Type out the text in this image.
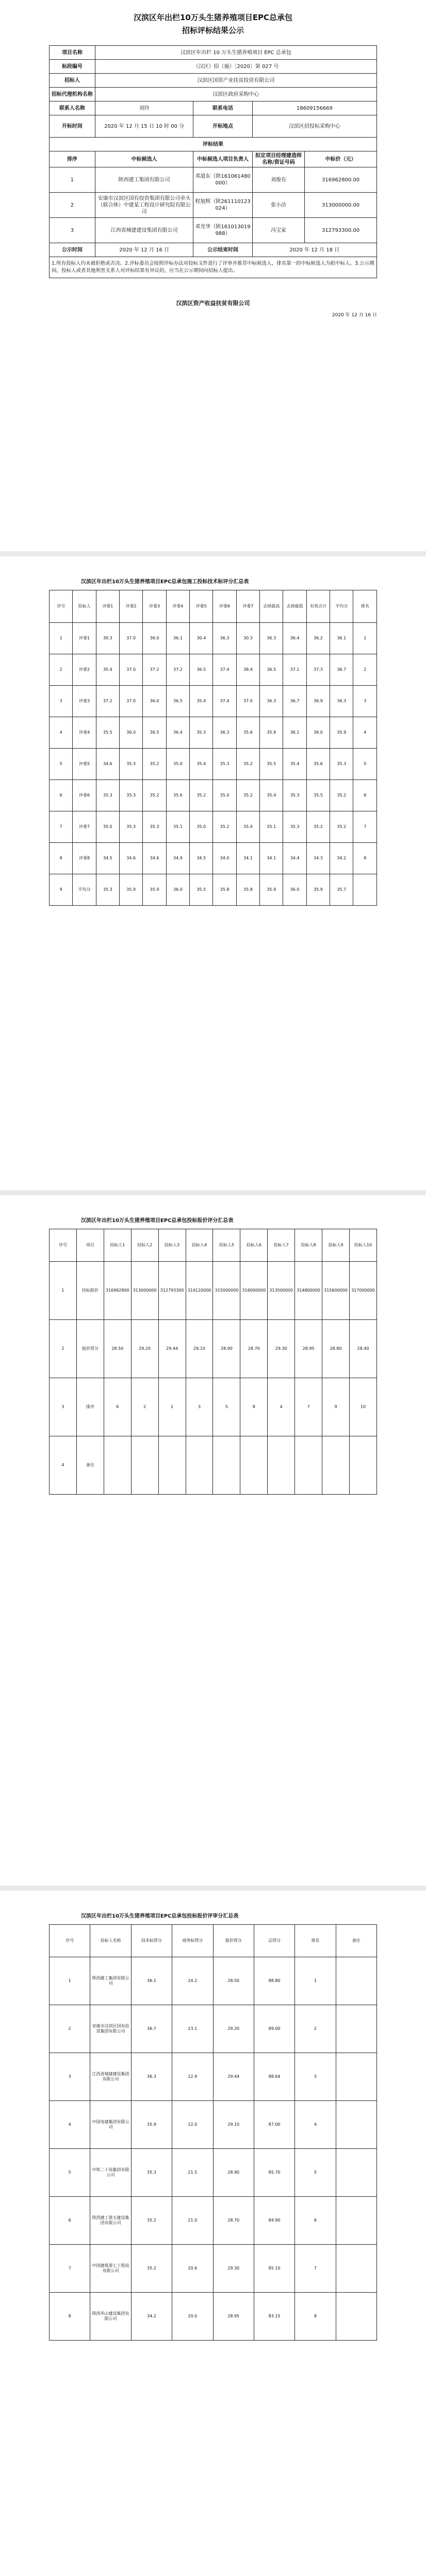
汉滨区年出栏10万头生猪养殖项目EPC总承包
招标评标结果公示
项目名称	汉滨区年出栏 10 万头生猪养殖项目 EPC 总承包			
标段编号	（汉区）招（施）〔2020〕第 027 号			
招标人	汉滨区国资产业扶贫投资有限公司			
招标代理机构名称	汉滨区政府采购中心			
联系人名称	刘玲	联系电话	18609156669	
开标时间	2020 年 12 月 15 日 10 时 00 分	开标地点	汉滨区招投标采购中心	
评标结果				
排序	中标候选人	中标候选人项目负责人	拟定项目经理建造师名称/资证号码	中标价（元）
1	陕西建工集团有限公司	邓道东（陕161061480000）	刘俊有	316962800.00
2	安康市汉滨区国有投资集团有限公司牵头（联合体）中建某工程设计研究院有限公司	程旭辉（陕261110123024）	张小洁	313000000.00
3	江西省城建建设集团有限公司	邓光华（陕161013019988）	冯宝家	312793300.00
公示时间	2020 年 12 月 16 日	公示结束时间	2020 年 12 月 18 日	
1.所有投标人均未被拒绝或否决。2.评标委员会按照评标办法对投标文件进行了评审并推荐中标候选人，排名第一的中标候选人为拟中标人。3.公示期间，投标人或者其他利害关系人对评标结果有异议的，应当在公示期间向招标人提出。				
汉滨区资产收益扶贫有限公司
2020 年 12 月 16 日
汉滨区年出栏10万头生猪养殖项目EPC总承包施工投标技术标评分汇总表
序号	投标人	评委1	评委2	评委3	评委4	评委5	评委6	评委7	去掉最高	去掉最低	有效合计	平均分	排名
1	评委1	30.3	37.0	36.0	36.1	30.4	36.3	30.3	36.3	36.4	36.2	36.1	1
2	评委2	35.4	37.0	37.2	37.2	36.5	37.4	38.4	36.5	37.1	37.3	36.7	2
3	评委3	37.2	37.0	36.0	36.5	35.4	37.4	37.0	36.3	36.7	36.9	36.3	3
4	评委4	35.5	36.0	36.5	36.4	35.3	36.3	35.6	35.8	36.1	36.0	35.9	4
5	评委5	34.6	35.3	35.2	35.0	35.4	35.3	35.2	35.5	35.4	35.6	35.3	5
6	评委6	35.3	35.3	35.2	35.6	35.2	35.0	35.2	35.4	35.3	35.5	35.2	6
7	评委7	35.0	35.3	35.3	35.1	35.0	35.2	35.4	35.1	35.3	35.2	35.2	7
8	评委8	34.5	34.6	34.6	34.9	34.5	34.0	34.1	34.1	34.4	34.3	34.2	8
9	平均分	35.3	35.9	35.9	36.0	35.5	35.8	35.8	35.9	36.0	35.9	35.7	
汉滨区年出栏10万头生猪养殖项目EPC总承包投标报价评分汇总表
序号	项目	投标人1	投标人2	投标人3	投标人4	投标人5	投标人6	投标人7	投标人8	投标人9	投标人10
1	投标报价	316962800	313000000	312793300	314120000	315000000	316000000	313500000	314800000	315600000	317000000
2	报价得分	28.50	29.20	29.44	29.10	28.90	28.70	29.30	28.95	28.80	28.40
3	排序	6	2	1	3	5	8	4	7	9	10
4	备注										
汉滨区年出栏10万头生猪养殖项目EPC总承包投标报价评审分汇总表
序号	投标人名称	技术标得分	商务标得分	报价得分	总得分	排名	备注
1	陕西建工集团有限公司	36.1	24.2	28.50	88.80	1	
2	安康市汉滨区国有投资集团有限公司	36.7	23.1	29.20	89.00	2	
3	江西省城建建设集团有限公司	36.3	22.9	29.44	88.64	3	
4	中国电建集团有限公司	35.9	22.0	29.10	87.00	4	
5	中铁二十局集团有限公司	35.3	21.5	28.90	85.70	5	
6	陕西建工第五建设集团有限公司	35.2	21.0	28.70	84.90	6	
7	中国建筑第七工程局有限公司	35.2	20.6	29.30	85.10	7	
8	陕西华山建设集团有限公司	34.2	20.0	28.95	83.15	8	
